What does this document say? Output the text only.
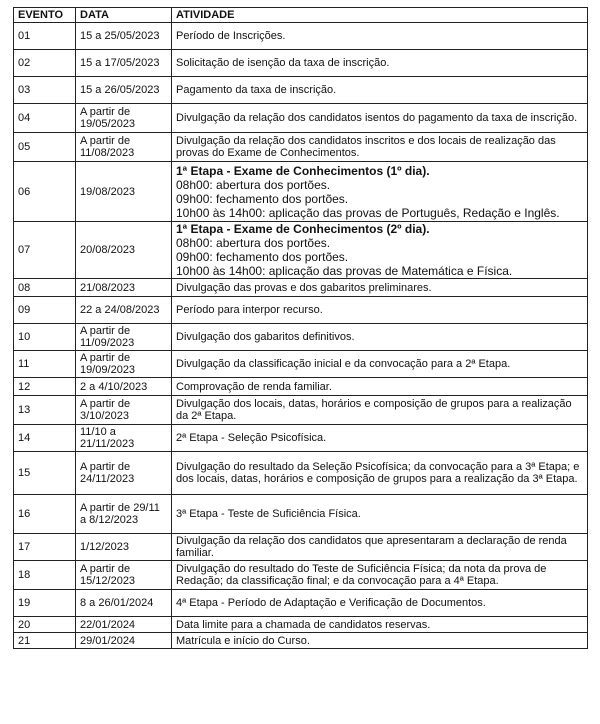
EVENTO	DATA	ATIVIDADE
01	15 a 25/05/2023	Período de Inscrições.

02	15 a 17/05/2023	Solicitação de isenção da taxa de inscrição.

03	15 a 26/05/2023	Pagamento da taxa de inscrição.

04	A partir de 19/05/2023	Divulgação da relação dos candidatos isentos do pagamento da taxa de inscrição.

05	A partir de 11/08/2023	Divulgação da relação dos candidatos inscritos e dos locais de realização das provas do Exame de Conhecimentos.

06	19/08/2023	1ª Etapa - Exame de Conhecimentos (1º dia).
08h00: abertura dos portões.
09h00: fechamento dos portões.
10h00 às 14h00: aplicação das provas de Português, Redação e Inglês.

07	20/08/2023	1ª Etapa - Exame de Conhecimentos (2º dia).
08h00: abertura dos portões.
09h00: fechamento dos portões.
10h00 às 14h00: aplicação das provas de Matemática e Física.

08	21/08/2023	Divulgação das provas e dos gabaritos preliminares.

09	22 a 24/08/2023	Período para interpor recurso.

10	A partir de 11/09/2023	Divulgação dos gabaritos definitivos.

11	A partir de 19/09/2023	Divulgação da classificação inicial e da convocação para a 2ª Etapa.

12	2 a 4/10/2023	Comprovação de renda familiar.

13	A partir de 3/10/2023	Divulgação dos locais, datas, horários e composição de grupos para a realização da 2ª Etapa.

14	11/10 a 21/11/2023	2ª Etapa - Seleção Psicofísica.

15	A partir de 24/11/2023	Divulgação do resultado da Seleção Psicofísica; da convocação para a 3ª Etapa; e dos locais, datas, horários e composição de grupos para a realização da 3ª Etapa.

16	A partir de 29/11 a 8/12/2023	3ª Etapa - Teste de Suficiência Física.

17	1/12/2023	Divulgação da relação dos candidatos que apresentaram a declaração de renda familiar.

18	A partir de 15/12/2023	Divulgação do resultado do Teste de Suficiência Física; da nota da prova de Redação; da classificação final; e da convocação para a 4ª Etapa.

19	8 a 26/01/2024	4ª Etapa - Período de Adaptação e Verificação de Documentos.

20	22/01/2024	Data limite para a chamada de candidatos reservas.

21	29/01/2024	Matrícula e início do Curso.
